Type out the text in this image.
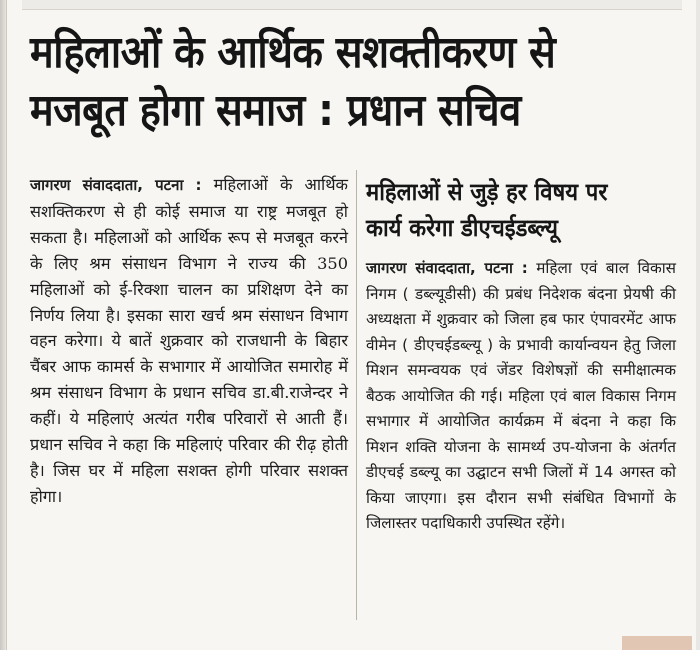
महिलाओं के आर्थिक सशक्तीकरण से
मजबूत होगा समाज : प्रधान सचिव

जागरण संवाददाता, पटना : महिलाओं के आर्थिक सशक्तिकरण से ही कोई समाज या राष्ट्र मजबूत हो सकता है। महिलाओं को आर्थिक रूप से मजबूत करने के लिए श्रम संसाधन विभाग ने राज्य की 350 महिलाओं को ई-रिक्शा चालन का प्रशिक्षण देने का निर्णय लिया है। इसका सारा खर्च श्रम संसाधन विभाग वहन करेगा। ये बातें शुक्रवार को राजधानी के बिहार चैंबर आफ कामर्स के सभागार में आयोजित समारोह में श्रम संसाधन विभाग के प्रधान सचिव डा.बी.राजेन्दर ने कहीं। ये महिलाएं अत्यंत गरीब परिवारों से आती हैं। प्रधान सचिव ने कहा कि महिलाएं परिवार की रीढ़ होती है। जिस घर में महिला सशक्त होगी परिवार सशक्त होगा।

महिलाओं से जुड़े हर विषय पर
कार्य करेगा डीएचईडब्ल्यू

जागरण संवाददाता, पटना : महिला एवं बाल विकास निगम ( डब्ल्यूडीसी) की प्रबंध निदेशक बंदना प्रेयषी की अध्यक्षता में शुक्रवार को जिला हब फार एंपावरमेंट आफ वीमेन ( डीएचईडब्ल्यू ) के प्रभावी कार्यान्वयन हेतु जिला मिशन समन्वयक एवं जेंडर विशेषज्ञों की समीक्षात्मक बैठक आयोजित की गई। महिला एवं बाल विकास निगम सभागार में आयोजित कार्यक्रम में बंदना ने कहा कि मिशन शक्ति योजना के सामर्थ्य उप-योजना के अंतर्गत डीएचई डब्ल्यू का उद्घाटन सभी जिलों में 14 अगस्त को किया जाएगा। इस दौरान सभी संबंधित विभागों के जिलास्तर पदाधिकारी उपस्थित रहेंगे।
